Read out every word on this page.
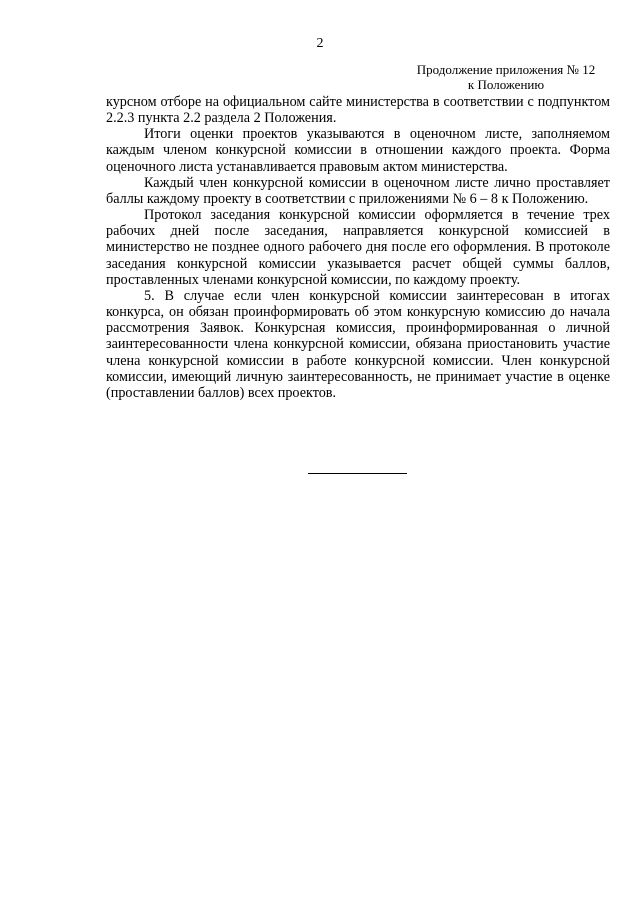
2
Продолжение приложения № 12
к Положению

курсном отборе на официальном сайте министерства в соответствии с подпунктом 2.2.3 пункта 2.2 раздела 2 Положения.

Итоги оценки проектов указываются в оценочном листе, заполняемом каждым членом конкурсной комиссии в отношении каждого проекта. Форма оценочного листа устанавливается правовым актом министерства.

Каждый член конкурсной комиссии в оценочном листе лично проставляет баллы каждому проекту в соответствии с приложениями № 6 – 8 к Положению.

Протокол заседания конкурсной комиссии оформляется в течение трех рабочих дней после заседания, направляется конкурсной комиссией в министерство не позднее одного рабочего дня после его оформления. В протоколе заседания конкурсной комиссии указывается расчет общей суммы баллов, проставленных членами конкурсной комиссии, по каждому проекту.

5. В случае если член конкурсной комиссии заинтересован в итогах конкурса, он обязан проинформировать об этом конкурсную комиссию до начала рассмотрения Заявок. Конкурсная комиссия, проинформированная о личной заинтересованности члена конкурсной комиссии, обязана приостановить участие члена конкурсной комиссии в работе конкурсной комиссии. Член конкурсной комиссии, имеющий личную заинтересованность, не принимает участие в оценке (проставлении баллов) всех проектов.
